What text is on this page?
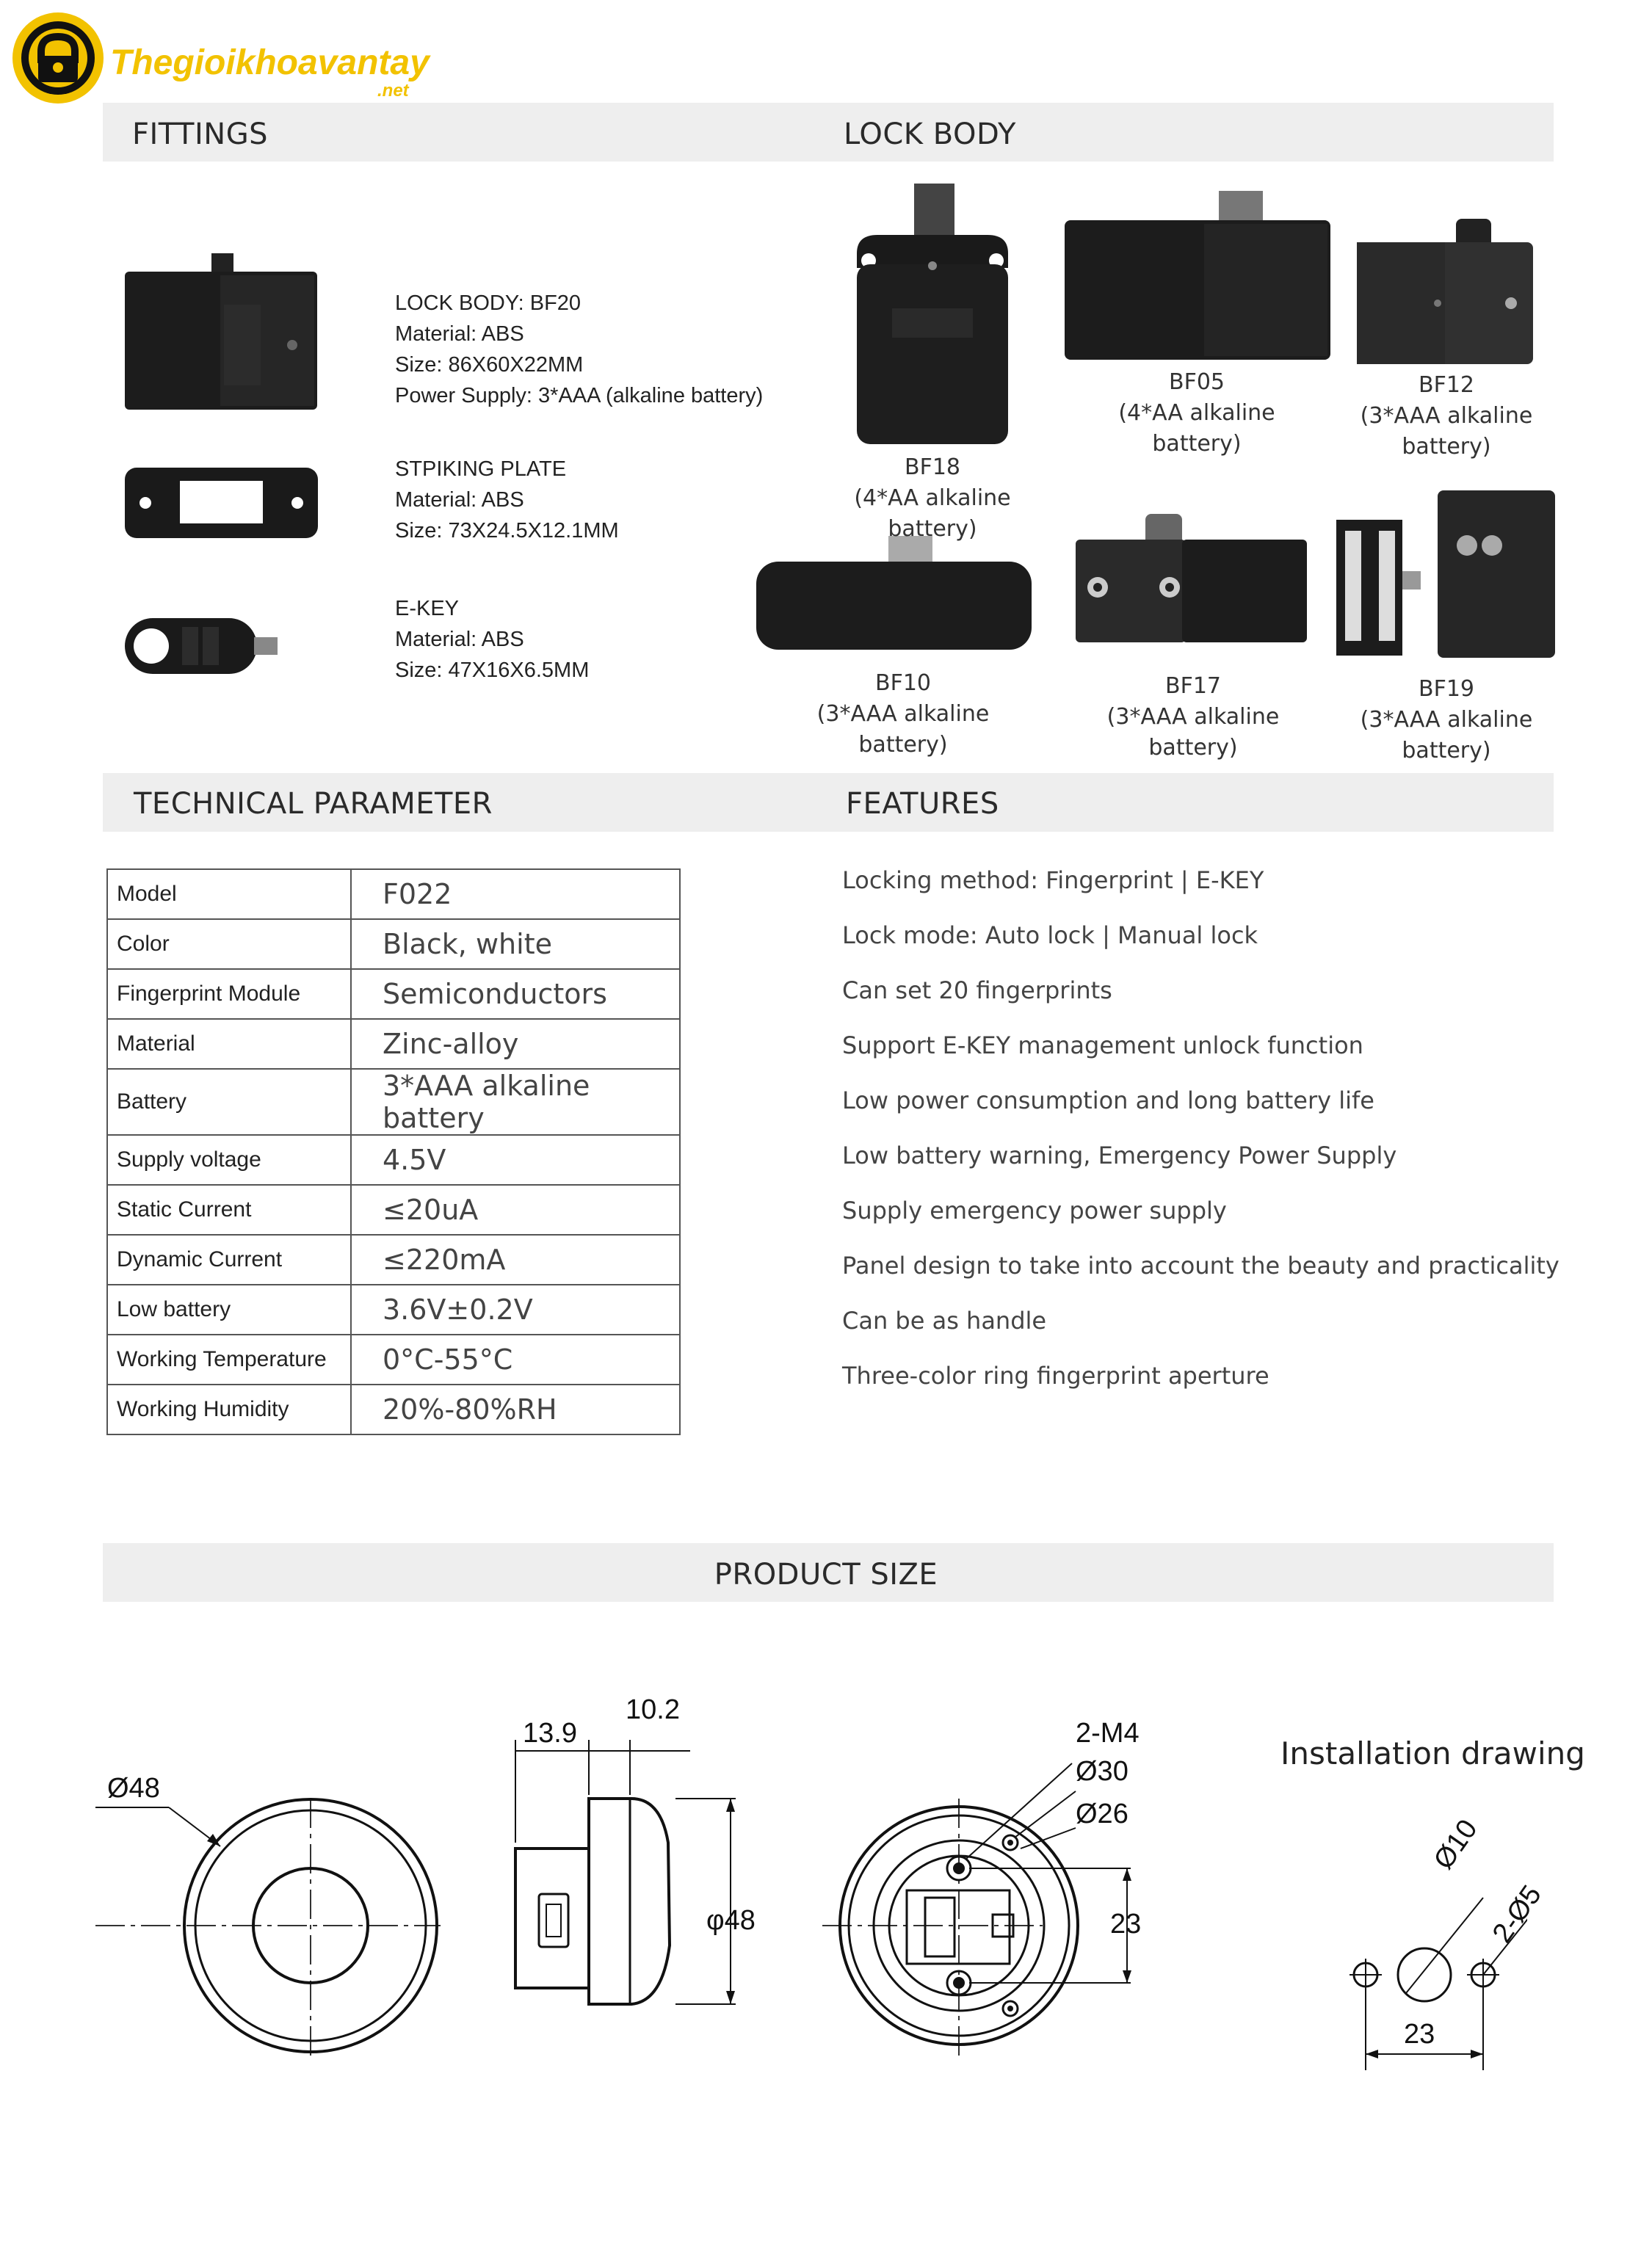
Thegioikhoavantay
.net
FITTINGS	LOCK BODY
LOCK BODY: BF20
Material: ABS
Size: 86X60X22MM
Power Supply: 3*AAA (alkaline battery)
STPIKING PLATE
Material: ABS
Size: 73X24.5X12.1MM
E-KEY
Material: ABS
Size: 47X16X6.5MM
BF18
(4*AA alkaline battery)
BF05
(4*AA alkaline battery)
BF12
(3*AAA alkaline battery)
BF10
(3*AAA alkaline battery)
BF17
(3*AAA alkaline battery)
BF19
(3*AAA alkaline battery)
TECHNICAL PARAMETER	FEATURES
Model	F022
Color	Black, white
Fingerprint Module	Semiconductors
Material	Zinc-alloy
Battery	3*AAA alkaline battery
Supply voltage	4.5V
Static Current	≤20uA
Dynamic Current	≤220mA
Low battery	3.6V±0.2V
Working Temperature	0°C-55°C
Working Humidity	20%-80%RH
Locking method: Fingerprint | E-KEY
Lock mode: Auto lock | Manual lock
Can set 20 fingerprints
Support E-KEY management unlock function
Low power consumption and long battery life
Low battery warning, Emergency Power Supply
Supply emergency power supply
Panel design to take into account the beauty and practicality
Can be as handle
Three-color ring fingerprint aperture
PRODUCT SIZE
Ø48
13.9
10.2
φ48
2-M4
Ø30
Ø26
23
Installation drawing
Ø10
2-Ø5
23
